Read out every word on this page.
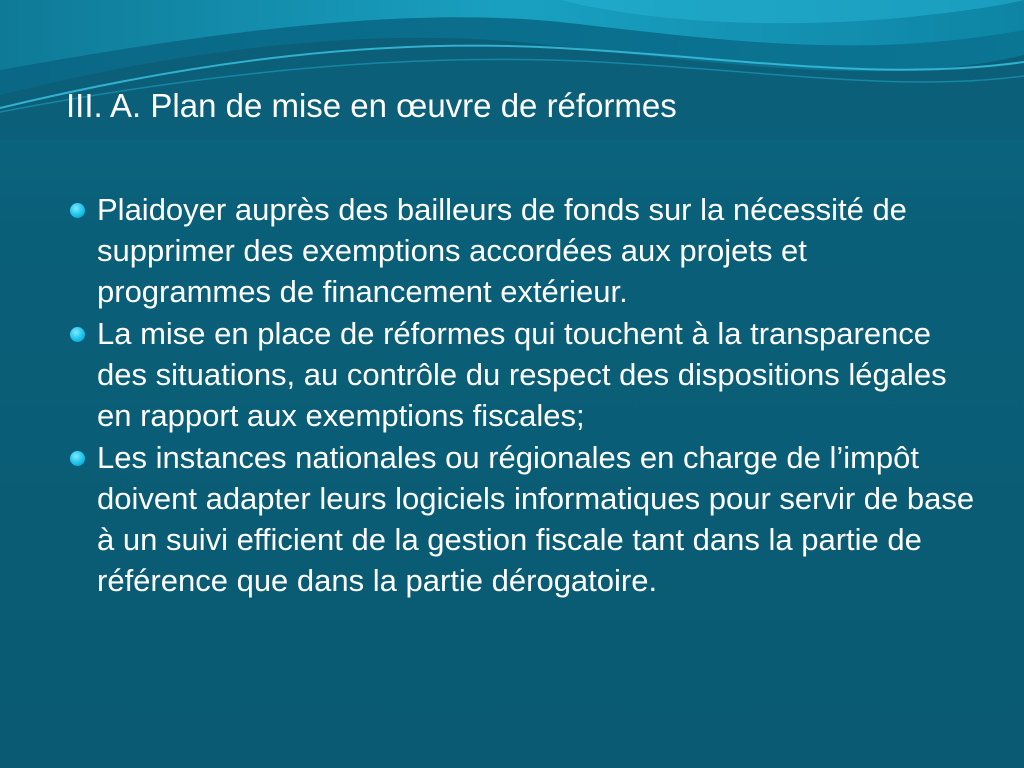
III. A. Plan de mise en œuvre de réformes
Plaidoyer auprès des bailleurs de fonds sur la nécessité de supprimer des exemptions accordées aux projets et programmes de financement extérieur.
La mise en place de réformes qui touchent à la transparence des situations, au contrôle du respect des dispositions légales en rapport aux exemptions fiscales;
Les instances nationales ou régionales en charge de l’impôt doivent adapter leurs logiciels informatiques pour servir de base à un suivi efficient de la gestion fiscale tant dans la partie de référence que dans la partie dérogatoire.
